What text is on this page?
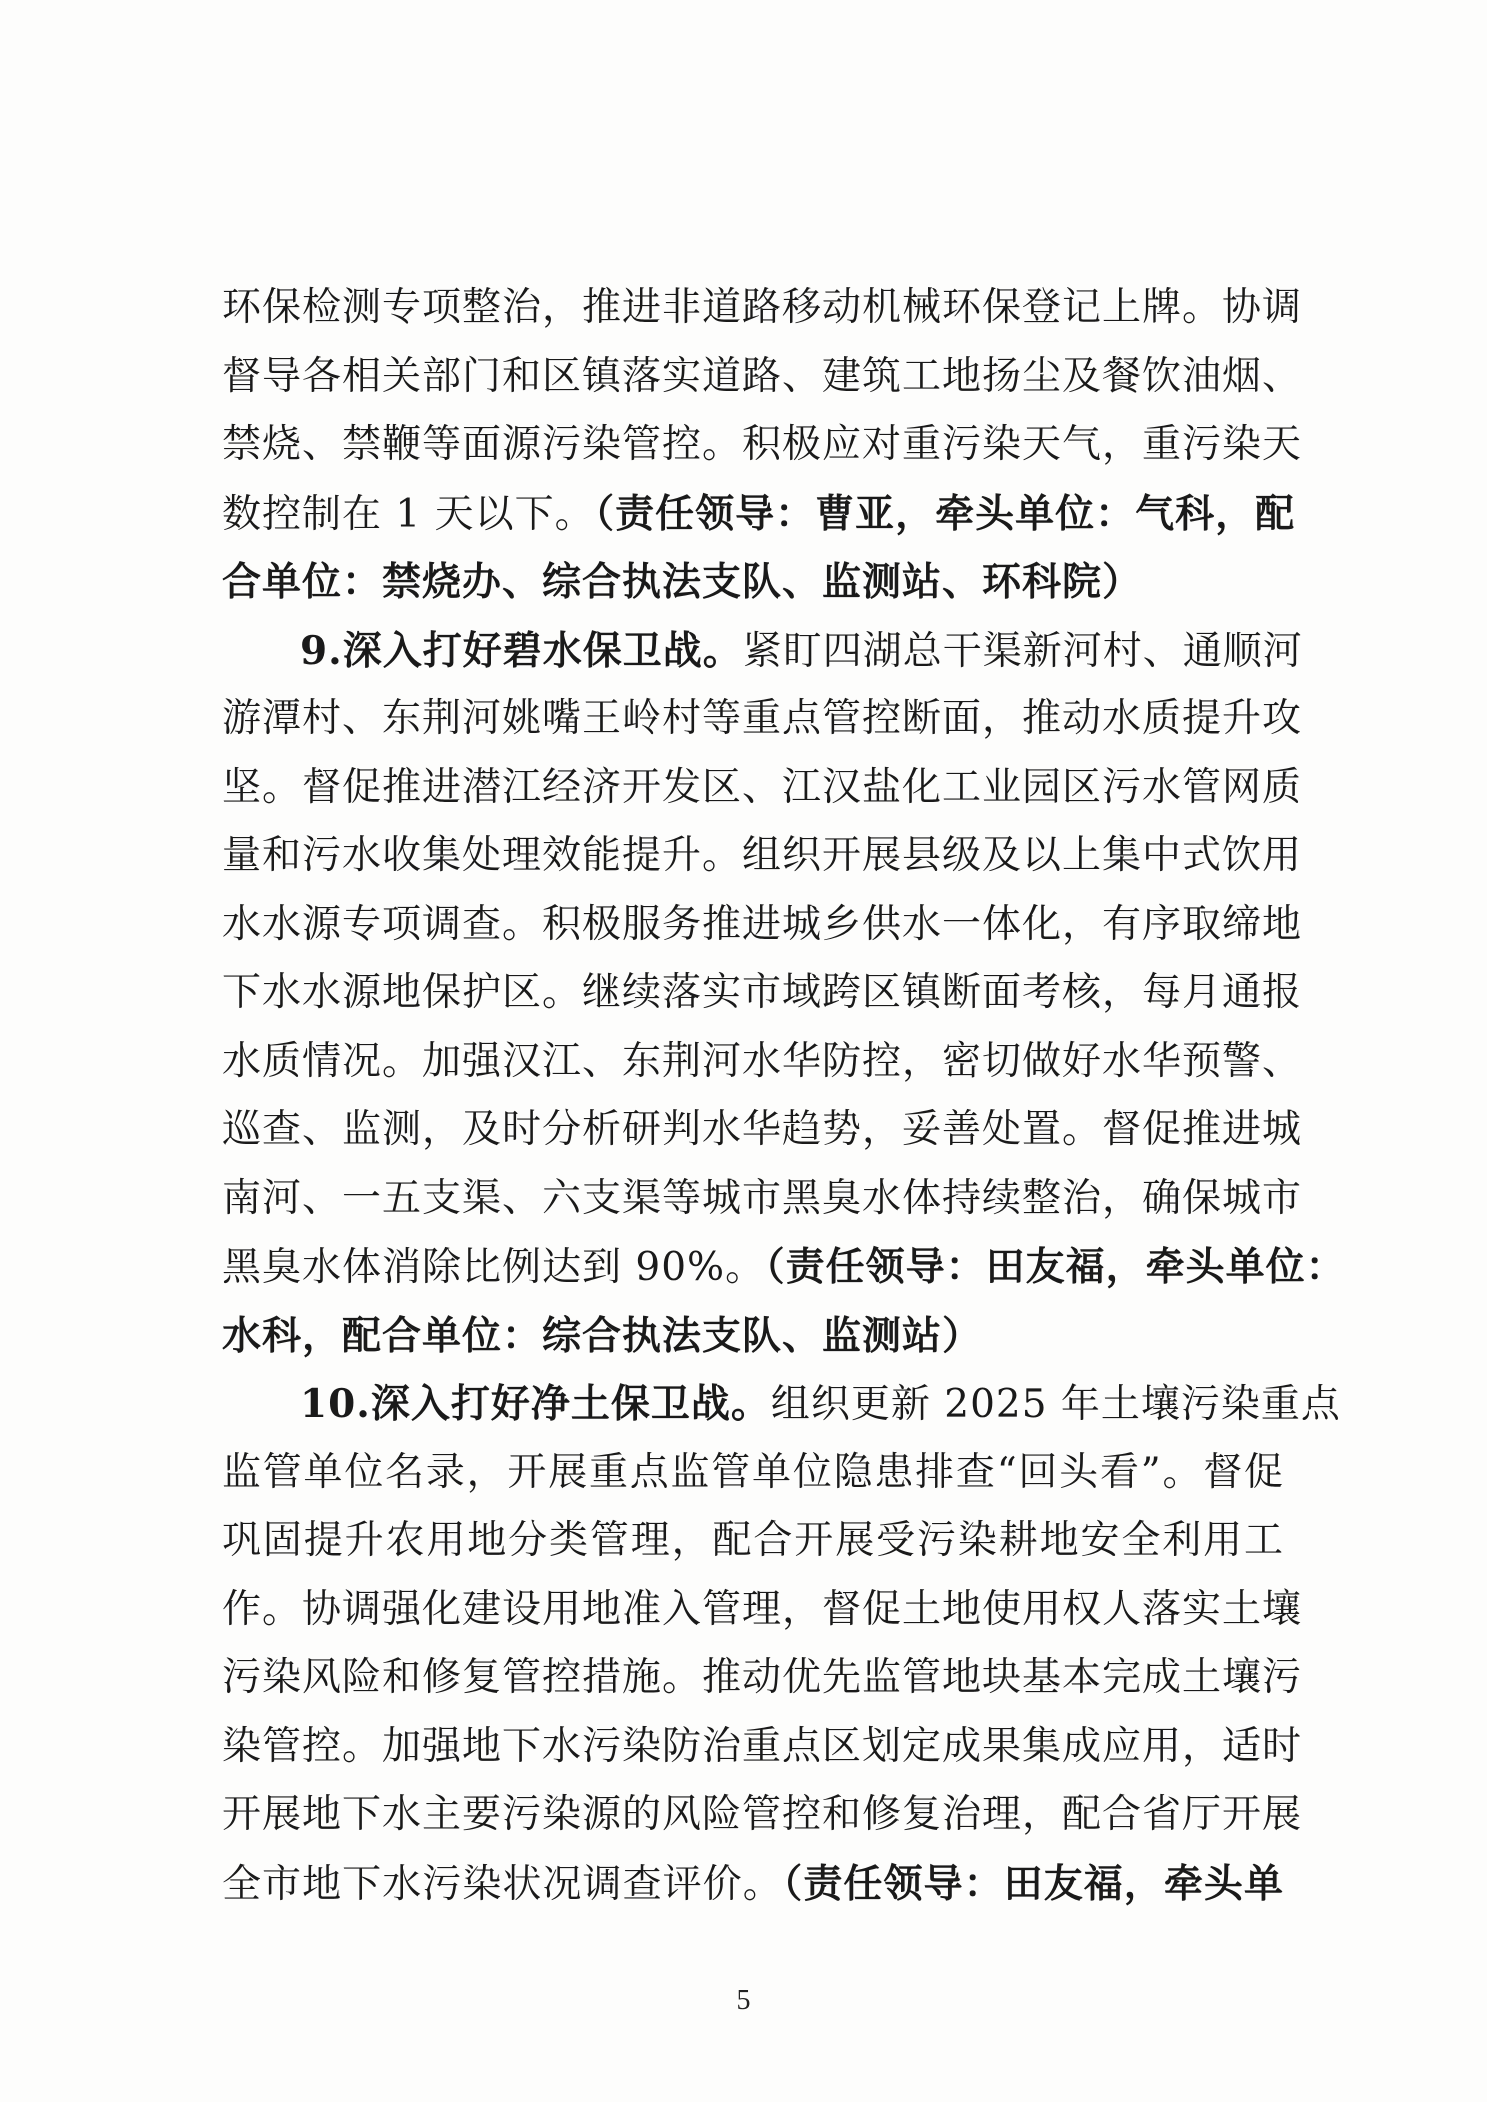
环保检测专项整治，推进非道路移动机械环保登记上牌。协调
督导各相关部门和区镇落实道路、建筑工地扬尘及餐饮油烟、
禁烧、禁鞭等面源污染管控。积极应对重污染天气，重污染天
数控制在 1 天以下。（责任领导：曹亚，牵头单位：气科，配
合单位：禁烧办、综合执法支队、监测站、环科院）
9.深入打好碧水保卫战。紧盯四湖总干渠新河村、通顺河
游潭村、东荆河姚嘴王岭村等重点管控断面，推动水质提升攻
坚。督促推进潜江经济开发区、江汉盐化工业园区污水管网质
量和污水收集处理效能提升。组织开展县级及以上集中式饮用
水水源专项调查。积极服务推进城乡供水一体化，有序取缔地
下水水源地保护区。继续落实市域跨区镇断面考核，每月通报
水质情况。加强汉江、东荆河水华防控，密切做好水华预警、
巡查、监测，及时分析研判水华趋势，妥善处置。督促推进城
南河、一五支渠、六支渠等城市黑臭水体持续整治，确保城市
黑臭水体消除比例达到 90%。（责任领导：田友福，牵头单位：
水科，配合单位：综合执法支队、监测站）
10.深入打好净土保卫战。组织更新 2025 年土壤污染重点
监管单位名录，开展重点监管单位隐患排查“回头看”。督促
巩固提升农用地分类管理，配合开展受污染耕地安全利用工
作。协调强化建设用地准入管理，督促土地使用权人落实土壤
污染风险和修复管控措施。推动优先监管地块基本完成土壤污
染管控。加强地下水污染防治重点区划定成果集成应用，适时
开展地下水主要污染源的风险管控和修复治理，配合省厅开展
全市地下水污染状况调查评价。（责任领导：田友福，牵头单
5
